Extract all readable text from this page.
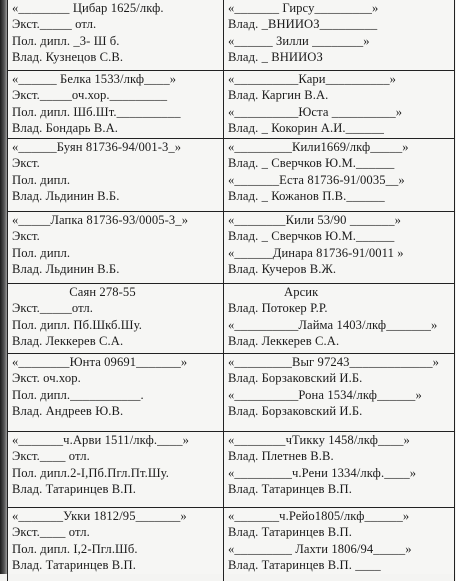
«________ Цибар 1625/лкф.
Экст._____ отл.
Пол. дипл. _3- Ш б.
Влад. Кузнецов С.В.	«_______ Гирсу_________»
Влад. _ВНИИОЗ_________
«______ Зилли ________»
Влад. _ ВНИИОЗ

«______ Белка 1533/лкф____»
Экст._____оч.хор._________
Пол. дипл. Шб.Шт.__________
Влад. Бондарь В.А.	«__________Кари__________»
Влад. Каргин В.А.
«__________Юста __________»
Влад. _ Кокорин А.И.______

«______Буян 81736-94/001-3_»
Экст.
Пол. дипл.
Влад. Льдинин В.Б.	«_________Кили1669/лкф_____»
Влад. _ Сверчков Ю.М.______
«_______Еста 81736-91/0035__»
Влад. _ Кожанов П.В.______

«_____Лапка 81736-93/0005-3_»
Экст.
Пол. дипл.
Влад. Льдинин В.Б.	«________Кили 53/90 _______»
Влад. _ Сверчков Ю.М.______
«______Динара 81736-91/0011 »
Влад. Кучеров В.Ж.

Саян 278-55
Экст._____отл.
Пол. дипл. Пб.Шкб.Шу.
Влад. Леккерев С.А.	Арсик
Влад. Потокер Р.Р.
«__________Лайма 1403/лкф_______»
Влад. Леккерев С.А.

«________Юнта 09691_______»
Экст. оч.хор.
Пол. дипл.___________.
Влад. Андреев Ю.В.	«_________Выг 97243_____________»
Влад. Борзаковский И.Б.
«__________Рона 1534/лкф______»
Влад. Борзаковский И.Б.

«_______ч.Арви 1511/лкф.____»
Экст.____ отл.
Пол. дипл.2-I,Пб.Пгл.Пт.Шу.
Влад. Татаринцев В.П.	«________чТикку 1458/лкф____»
Влад. Плетнев В.В.
«_________ч.Рени 1334/лкф.____»
Влад. Татаринцев В.П.

«_______Укки 1812/95_______»
Экст.____ отл.
Пол. дипл. I,2-Пгл.Шб.
Влад. Татаринцев В.П.	«_______ч.Рейо1805/лкф______»
Влад. Татаринцев В.П.
«_________ Лахти 1806/94_____»
Влад. Татаринцев В.П. ____
